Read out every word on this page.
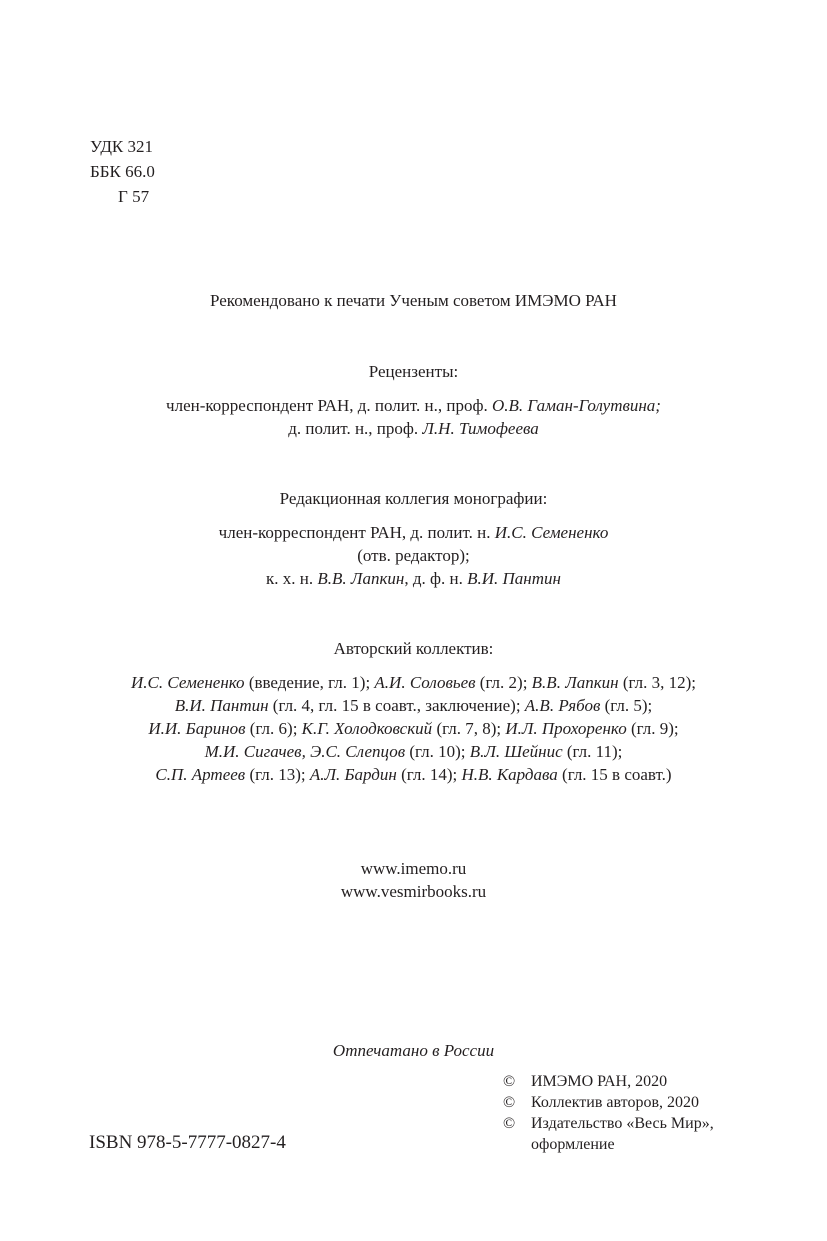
УДК 321
ББК 66.0
Г 57
Рекомендовано к печати Ученым советом ИМЭМО РАН
Рецензенты:
член-корреспондент РАН, д. полит. н., проф. О.В. Гаман-Голутвина;
д. полит. н., проф. Л.Н. Тимофеева
Редакционная коллегия монографии:
член-корреспондент РАН, д. полит. н. И.С. Семененко
(отв. редактор);
к. х. н. В.В. Лапкин, д. ф. н. В.И. Пантин
Авторский коллектив:
И.С. Семененко (введение, гл. 1); А.И. Соловьев (гл. 2); В.В. Лапкин (гл. 3, 12);
В.И. Пантин (гл. 4, гл. 15 в соавт., заключение); А.В. Рябов (гл. 5);
И.И. Баринов (гл. 6); К.Г. Холодковский (гл. 7, 8); И.Л. Прохоренко (гл. 9);
М.И. Сигачев, Э.С. Слепцов (гл. 10); В.Л. Шейнис (гл. 11);
С.П. Артеев (гл. 13); А.Л. Бардин (гл. 14); Н.В. Кардава (гл. 15 в соавт.)
www.imemo.ru
www.vesmirbooks.ru
Отпечатано в России
© ИМЭМО РАН, 2020
© Коллектив авторов, 2020
© Издательство «Весь Мир»,
оформление
ISBN 978-5-7777-0827-4
